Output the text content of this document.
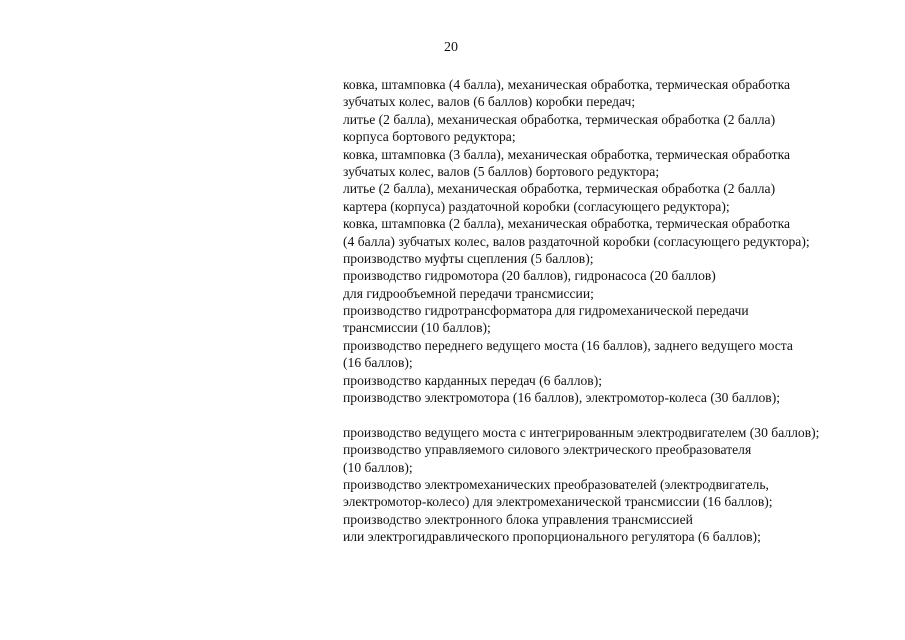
20
ковка, штамповка (4 балла), механическая обработка, термическая обработка
зубчатых колес, валов (6 баллов) коробки передач;
литье (2 балла), механическая обработка, термическая обработка (2 балла)
корпуса бортового редуктора;
ковка, штамповка (3 балла), механическая обработка, термическая обработка
зубчатых колес, валов (5 баллов) бортового редуктора;
литье (2 балла), механическая обработка, термическая обработка (2 балла)
картера (корпуса) раздаточной коробки (согласующего редуктора);
ковка, штамповка (2 балла), механическая обработка, термическая обработка
(4 балла) зубчатых колес, валов раздаточной коробки (согласующего редуктора);
производство муфты сцепления (5 баллов);
производство гидромотора (20 баллов), гидронасоса (20 баллов)
для гидрообъемной передачи трансмиссии;
производство гидротрансформатора для гидромеханической передачи
трансмиссии (10 баллов);
производство переднего ведущего моста (16 баллов), заднего ведущего моста
(16 баллов);
производство карданных передач (6 баллов);
производство электромотора (16 баллов), электромотор-колеса (30 баллов);
производство ведущего моста с интегрированным электродвигателем (30 баллов);
производство управляемого силового электрического преобразователя
(10 баллов);
производство электромеханических преобразователей (электродвигатель,
электромотор-колесо) для электромеханической трансмиссии (16 баллов);
производство электронного блока управления трансмиссией
или электрогидравлического пропорционального регулятора (6 баллов);
